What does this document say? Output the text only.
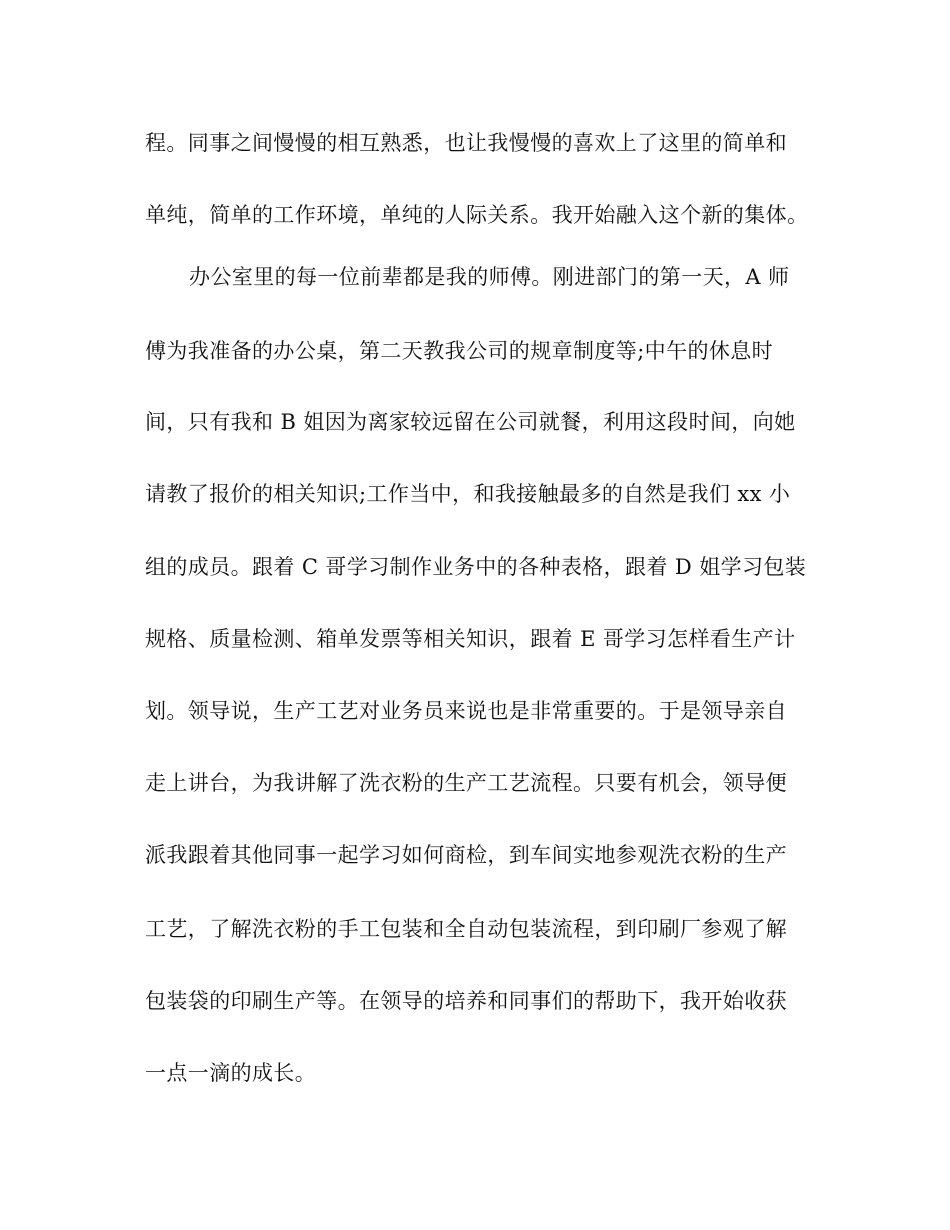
程。同事之间慢慢的相互熟悉，也让我慢慢的喜欢上了这里的简单和
单纯，简单的工作环境，单纯的人际关系。我开始融入这个新的集体。
办公室里的每一位前辈都是我的师傅。刚进部门的第一天，A 师
傅为我准备的办公桌，第二天教我公司的规章制度等;中午的休息时
间，只有我和 B 姐因为离家较远留在公司就餐，利用这段时间，向她
请教了报价的相关知识;工作当中，和我接触最多的自然是我们 xx 小
组的成员。跟着 C 哥学习制作业务中的各种表格，跟着 D 姐学习包装
规格、质量检测、箱单发票等相关知识，跟着 E 哥学习怎样看生产计
划。领导说，生产工艺对业务员来说也是非常重要的。于是领导亲自
走上讲台，为我讲解了洗衣粉的生产工艺流程。只要有机会，领导便
派我跟着其他同事一起学习如何商检，到车间实地参观洗衣粉的生产
工艺，了解洗衣粉的手工包装和全自动包装流程，到印刷厂参观了解
包装袋的印刷生产等。在领导的培养和同事们的帮助下，我开始收获
一点一滴的成长。
